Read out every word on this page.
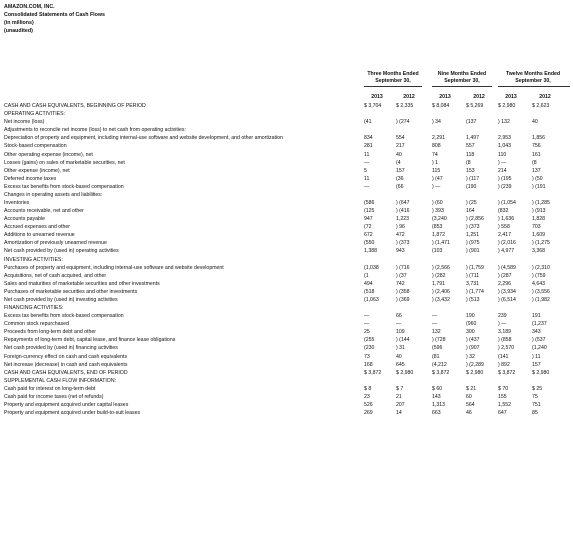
AMAZON.COM, INC.
Consolidated Statements of Cash Flows
(in millions)
(unaudited)
Three Months Ended
September 30,
Nine Months Ended
September 30,
Twelve Months Ended
September 30,
2013	2012	2013	2012	2013	2012
CASH AND CASH EQUIVALENTS, BEGINNING OF PERIOD	$ 3,704	$ 2,335	$ 8,084	$ 5,269	$ 2,980	$ 2,623
OPERATING ACTIVITIES:						
Net income (loss)	(41	) (274	) 34	(137	) 132	40
Adjustments to reconcile net income (loss) to net cash from operating activities:						
Depreciation of property and equipment, including internal-use software and website development, and other amortization	834	554	2,291	1,497	2,953	1,856
Stock-based compensation	281	217	808	557	1,043	756
Other operating expense (income), net	11	40	74	118	110	161
Losses (gains) on sales of marketable securities, net	—	(4	) 1	(8	) —	(8
Other expense (income), net	5	157	115	153	214	137
Deferred income taxes	11	(36	) (47	) (117	) (195	) (50
Excess tax benefits from stock-based compensation	—	(66	) —	(190	) (239	) (191
Changes in operating assets and liabilities:						
Inventories	(586	) (647	) (60	) (25	) (1,054	) (1,285
Accounts receivable, net and other	(125	) (416	) 393	164	(832	) (913
Accounts payable	947	1,223	(3,240	) (2,856	) 1,636	1,828
Accrued expenses and other	(72	) 96	(853	) (373	) 558	703
Additions to unearned revenue	672	472	1,872	1,251	2,417	1,609
Amortization of previously unearned revenue	(550	) (373	) (1,471	) (975	) (2,016	) (1,275
Net cash provided by (used in) operating activities	1,388	943	(103	) (901	) 4,977	3,368
INVESTING ACTIVITIES:						
Purchases of property and equipment, including internal-use software and website development	(1,038	) (716	) (2,566	) (1,759	) (4,589	) (2,310
Acquisitions, net of cash acquired, and other	(1	) (37	) (282	) (711	) (287	) (759
Sales and maturities of marketable securities and other investments	494	742	1,791	3,731	2,296	4,643
Purchases of marketable securities and other investments	(518	) (358	) (2,406	) (1,774	) (3,934	) (3,556
Net cash provided by (used in) investing activities	(1,063	) (369	) (3,432	) (513	) (6,514	) (1,982
FINANCING ACTIVITIES:						
Excess tax benefits from stock-based compensation	—	66	—	190	239	191
Common stock repurchased	—	—	—	(960	) —	(1,237
Proceeds from long-term debt and other	25	109	132	300	3,189	343
Repayments of long-term debt, capital lease, and finance lease obligations	(255	) (144	) (728	) (437	) (858	) (537
Net cash provided by (used in) financing activities	(230	) 31	(596	) (907	) 2,570	(1,240
Foreign-currency effect on cash and cash equivalents	73	40	(81	) 32	(141	) 11
Net increase (decrease) in cash and cash equivalents	168	645	(4,212	) (2,289	) 892	157
CASH AND CASH EQUIVALENTS, END OF PERIOD	$ 3,872	$ 2,980	$ 3,872	$ 2,980	$ 3,872	$ 2,980
SUPPLEMENTAL CASH FLOW INFORMATION:						
Cash paid for interest on long-term debt	$ 8	$ 7	$ 60	$ 21	$ 70	$ 25
Cash paid for income taxes (net of refunds)	23	21	143	60	155	75
Property and equipment acquired under capital leases	526	207	1,313	564	1,552	751
Property and equipment acquired under build-to-suit leases	269	14	663	46	647	85
